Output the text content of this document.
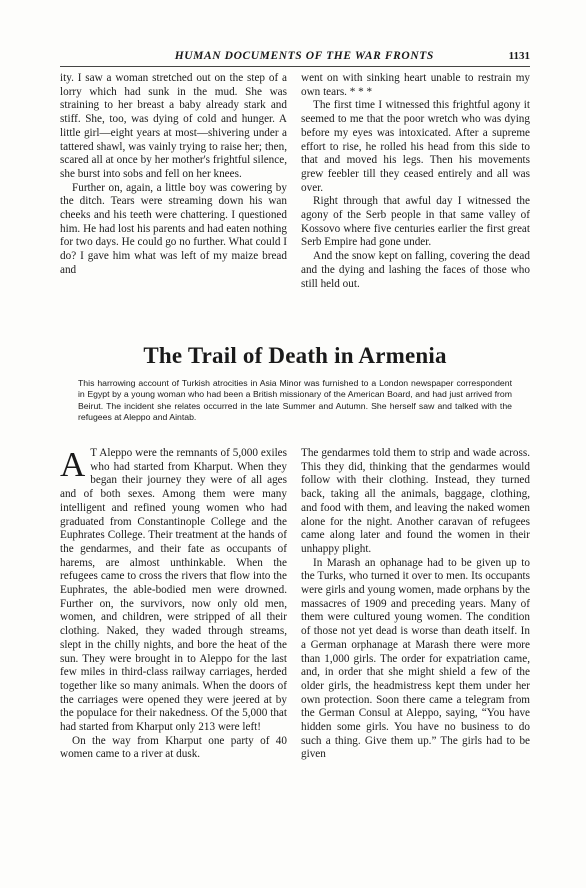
HUMAN DOCUMENTS OF THE WAR FRONTS	1131

ity. I saw a woman stretched out on the step of a lorry which had sunk in the mud. She was straining to her breast a baby already stark and stiff. She, too, was dying of cold and hunger. A little girl—eight years at most—shivering under a tattered shawl, was vainly trying to raise her; then, scared all at once by her mother's frightful silence, she burst into sobs and fell on her knees.

Further on, again, a little boy was cowering by the ditch. Tears were streaming down his wan cheeks and his teeth were chattering. I questioned him. He had lost his parents and had eaten nothing for two days. He could go no further. What could I do? I gave him what was left of my maize bread and

went on with sinking heart unable to restrain my own tears. * * *

The first time I witnessed this frightful agony it seemed to me that the poor wretch who was dying before my eyes was intoxicated. After a supreme effort to rise, he rolled his head from this side to that and moved his legs. Then his movements grew feebler till they ceased entirely and all was over.

Right through that awful day I witnessed the agony of the Serb people in that same valley of Kossovo where five centuries earlier the first great Serb Empire had gone under.

And the snow kept on falling, covering the dead and the dying and lashing the faces of those who still held out.

The Trail of Death in Armenia

This harrowing account of Turkish atrocities in Asia Minor was furnished to a London newspaper correspondent in Egypt by a young woman who had been a British missionary of the American Board, and had just arrived from Beirut. The incident she relates occurred in the late Summer and Autumn. She herself saw and talked with the refugees at Aleppo and Aintab.

A T Aleppo were the remnants of 5,000 exiles who had started from Kharput. When they began their journey they were of all ages and of both sexes. Among them were many intelligent and refined young women who had graduated from Constantinople College and the Euphrates College. Their treatment at the hands of the gendarmes, and their fate as occupants of harems, are almost unthinkable. When the refugees came to cross the rivers that flow into the Euphrates, the able-bodied men were drowned. Further on, the survivors, now only old men, women, and children, were stripped of all their clothing. Naked, they waded through streams, slept in the chilly nights, and bore the heat of the sun. They were brought in to Aleppo for the last few miles in third-class railway carriages, herded together like so many animals. When the doors of the carriages were opened they were jeered at by the populace for their nakedness. Of the 5,000 that had started from Kharput only 213 were left!

On the way from Kharput one party of 40 women came to a river at dusk.

The gendarmes told them to strip and wade across. This they did, thinking that the gendarmes would follow with their clothing. Instead, they turned back, taking all the animals, baggage, clothing, and food with them, and leaving the naked women alone for the night. Another caravan of refugees came along later and found the women in their unhappy plight.

In Marash an ophanage had to be given up to the Turks, who turned it over to men. Its occupants were girls and young women, made orphans by the massacres of 1909 and preceding years. Many of them were cultured young women. The condition of those not yet dead is worse than death itself. In a German orphanage at Marash there were more than 1,000 girls. The order for expatriation came, and, in order that she might shield a few of the older girls, the headmistress kept them under her own protection. Soon there came a telegram from the German Consul at Aleppo, saying, “You have hidden some girls. You have no business to do such a thing. Give them up.” The girls had to be given
